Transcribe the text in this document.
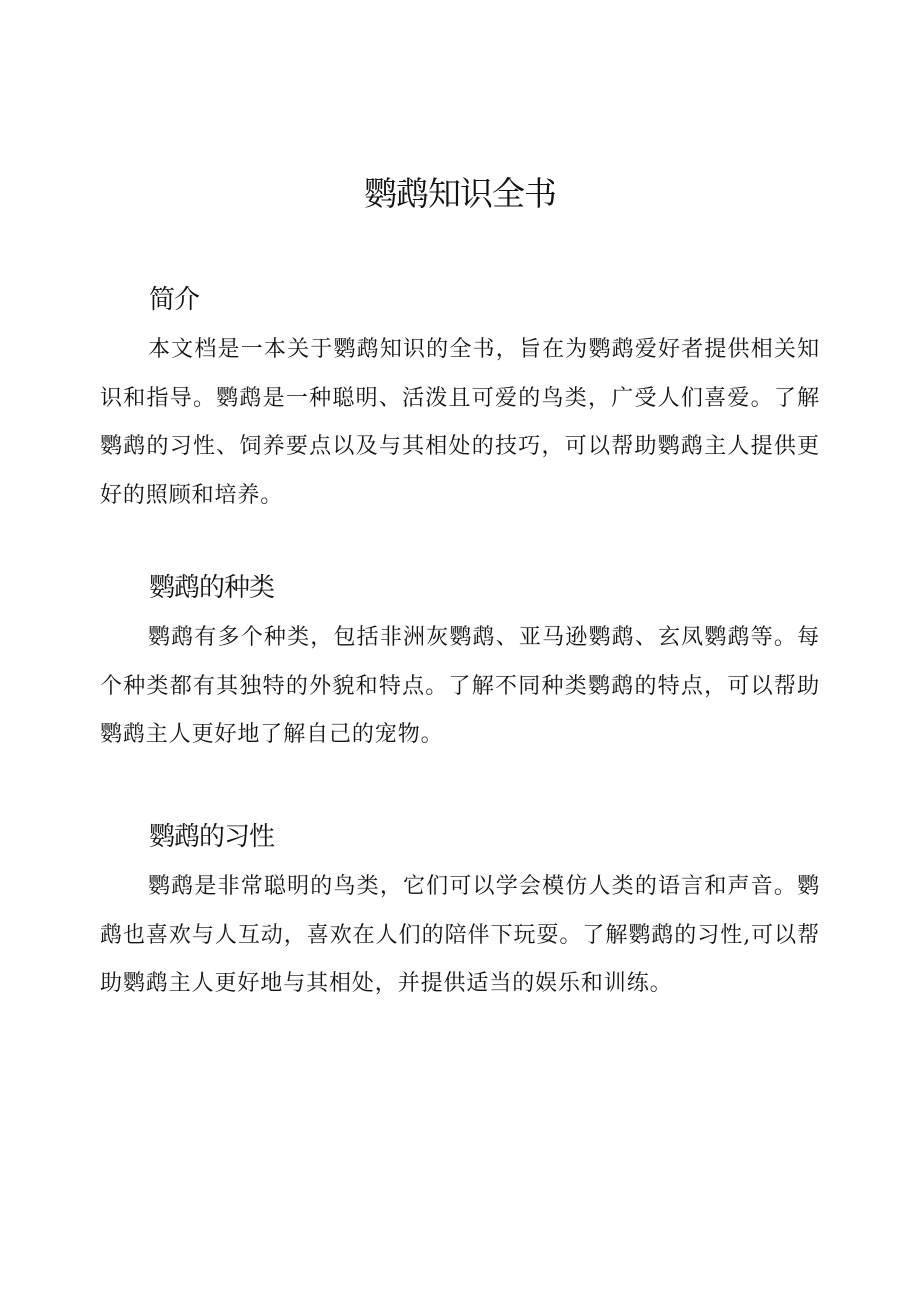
鹦鹉知识全书
简介

本文档是一本关于鹦鹉知识的全书，旨在为鹦鹉爱好者提供相关知识和指导。鹦鹉是一种聪明、活泼且可爱的鸟类，广受人们喜爱。了解鹦鹉的习性、饲养要点以及与其相处的技巧，可以帮助鹦鹉主人提供更好的照顾和培养。

鹦鹉的种类

鹦鹉有多个种类，包括非洲灰鹦鹉、亚马逊鹦鹉、玄凤鹦鹉等。每个种类都有其独特的外貌和特点。了解不同种类鹦鹉的特点，可以帮助鹦鹉主人更好地了解自己的宠物。

鹦鹉的习性

鹦鹉是非常聪明的鸟类，它们可以学会模仿人类的语言和声音。鹦鹉也喜欢与人互动，喜欢在人们的陪伴下玩耍。了解鹦鹉的习性,可以帮助鹦鹉主人更好地与其相处，并提供适当的娱乐和训练。
